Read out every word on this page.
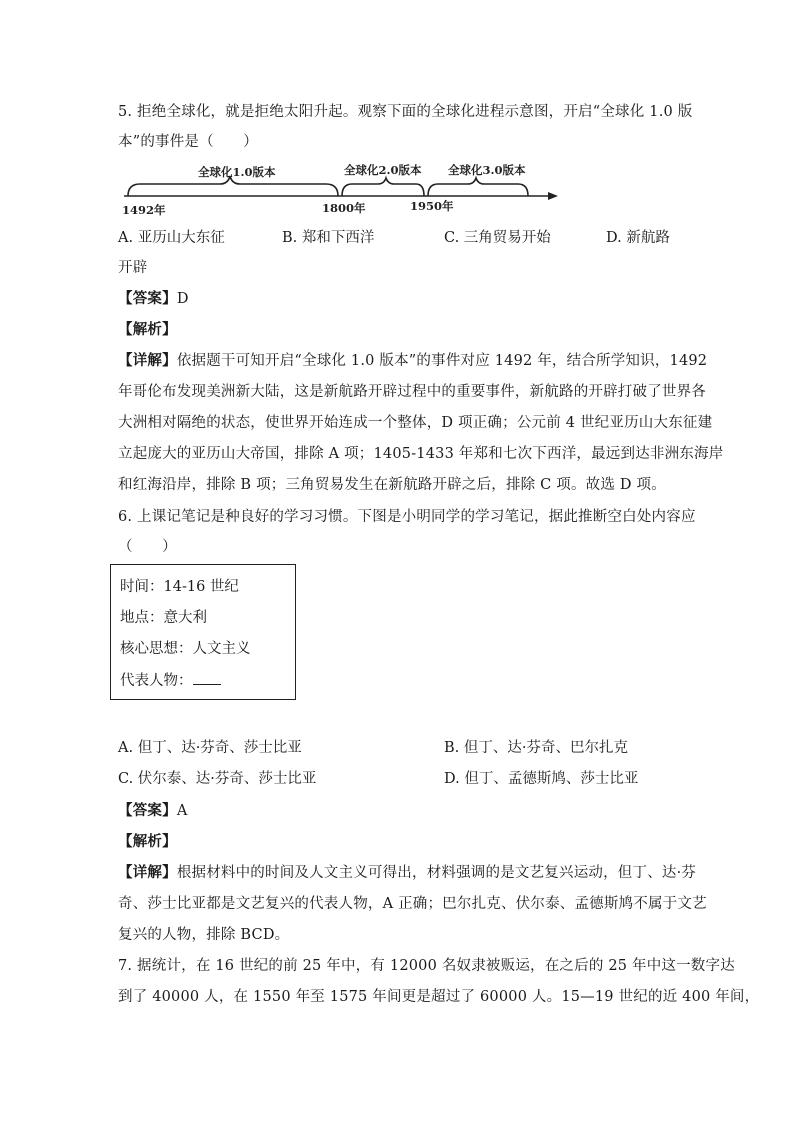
5. 拒绝全球化，就是拒绝太阳升起。观察下面的全球化进程示意图，开启“全球化 1.0 版
本”的事件是（　　）
全球化1.0版本	全球化2.0版本 全球化3.0版本
1492年	1800年	1950年
A. 亚历山大东征	B. 郑和下西洋	C. 三角贸易开始	D. 新航路
开辟
【答案】D
【解析】
【详解】依据题干可知开启“全球化 1.0 版本”的事件对应 1492 年，结合所学知识，1492
年哥伦布发现美洲新大陆，这是新航路开辟过程中的重要事件，新航路的开辟打破了世界各
大洲相对隔绝的状态，使世界开始连成一个整体，D 项正确；公元前 4 世纪亚历山大东征建
立起庞大的亚历山大帝国，排除 A 项；1405-1433 年郑和七次下西洋，最远到达非洲东海岸
和红海沿岸，排除 B 项；三角贸易发生在新航路开辟之后，排除 C 项。故选 D 项。
6. 上课记笔记是种良好的学习习惯。下图是小明同学的学习笔记，据此推断空白处内容应
（　　）
时间：14-16 世纪
地点：意大利
核心思想：人文主义
代表人物：
A. 但丁、达·芬奇、莎士比亚	B. 但丁、达·芬奇、巴尔扎克
C. 伏尔泰、达·芬奇、莎士比亚	D. 但丁、孟德斯鸠、莎士比亚
【答案】A
【解析】
【详解】根据材料中的时间及人文主义可得出，材料强调的是文艺复兴运动，但丁、达·芬
奇、莎士比亚都是文艺复兴的代表人物，A 正确；巴尔扎克、伏尔泰、孟德斯鸠不属于文艺
复兴的人物，排除 BCD。
7. 据统计，在 16 世纪的前 25 年中，有 12000 名奴隶被贩运，在之后的 25 年中这一数字达
到了 40000 人，在 1550 年至 1575 年间更是超过了 60000 人。15—19 世纪的近 400 年间，
